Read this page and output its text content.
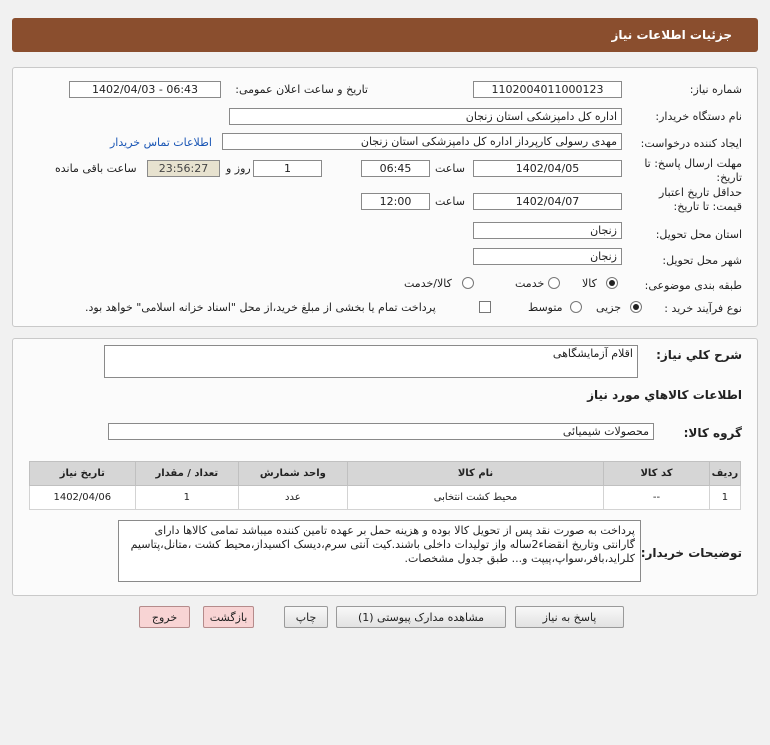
جزئیات اطلاعات نیاز
شماره نیاز:
1102004011000123
تاریخ و ساعت اعلان عمومی:
1402/04/03 - 06:43
نام دستگاه خریدار:
اداره کل دامپزشکی استان زنجان
ایجاد کننده درخواست:
مهدی رسولی کارپرداز اداره کل دامپزشکی استان زنجان
اطلاعات تماس خریدار
مهلت ارسال پاسخ: تا
تاریخ:
1402/04/05
ساعت
06:45
1
روز و
23:56:27
ساعت باقی مانده
حداقل تاریخ اعتبار
قیمت: تا تاریخ:
1402/04/07
ساعت
12:00
استان محل تحویل:
زنجان
شهر محل تحویل:
زنجان
طبقه بندی موضوعی:
کالا
خدمت
کالا/خدمت
نوع فرآیند خرید :
جزیی
متوسط
پرداخت تمام یا بخشی از مبلغ خرید،از محل "اسناد خزانه اسلامی" خواهد بود.
شرح کلي نياز:
اقلام آزمایشگاهی
اطلاعات کالاهاي مورد نياز
گروه کالا:
محصولات شیمیائی
ردیف	کد کالا	نام کالا	واحد شمارش	تعداد / مقدار	تاریخ نیاز
1	--	محیط کشت انتخابی	عدد	1	1402/04/06
توضیحات خریدار:
پرداخت به صورت نقد پس از تحویل کالا بوده و هزینه حمل بر عهده تامین کننده میباشد تمامی کالاها دارای گارانتی وتاریخ انقضاء2ساله واز تولیدات داخلی باشند.کیت آنتی سرم،دیسک اکسیداز،محیط کشت ،متانل،پتاسیم کلراید،بافر،سواپ،پیپت و... طبق جدول مشخصات.
پاسخ به نیاز
مشاهده مدارک پیوستی (1)
چاپ
بازگشت
خروج
